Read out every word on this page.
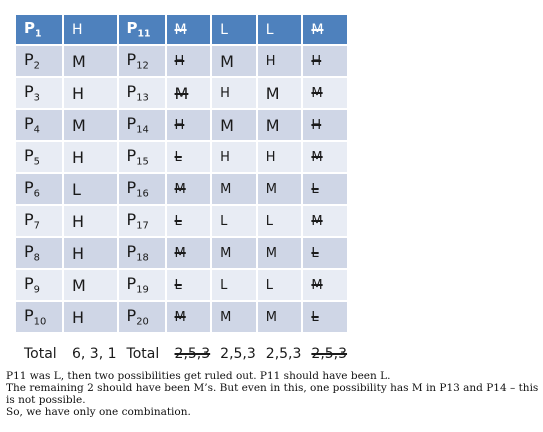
$P_1$	H	$P_{11}$	M	L	L	M
$P_2$	M	$P_{12}$	H	M	H	H
$P_3$	H	$P_{13}$	M	H	M	M
$P_4$	M	$P_{14}$	H	M	M	H
$P_5$	H	$P_{15}$	L	H	H	M
$P_6$	L	$P_{16}$	M	M	M	L
$P_7$	H	$P_{17}$	L	L	L	M
$P_8$	H	$P_{18}$	M	M	M	L
$P_9$	M	$P_{19}$	L	L	L	M
$P_{10}$	H	$P_{20}$	M	M	M	L
Total	6, 3, 1	Total	2,5,3	2,5,3	2,5,3	2,5,3

P11 was L, then two possibilities get ruled out. P11 should have been L.

The remaining 2 should have been M’s. But even in this, one possibility has M in P13 and P14 – this is not possible.

So, we have only one combination.
